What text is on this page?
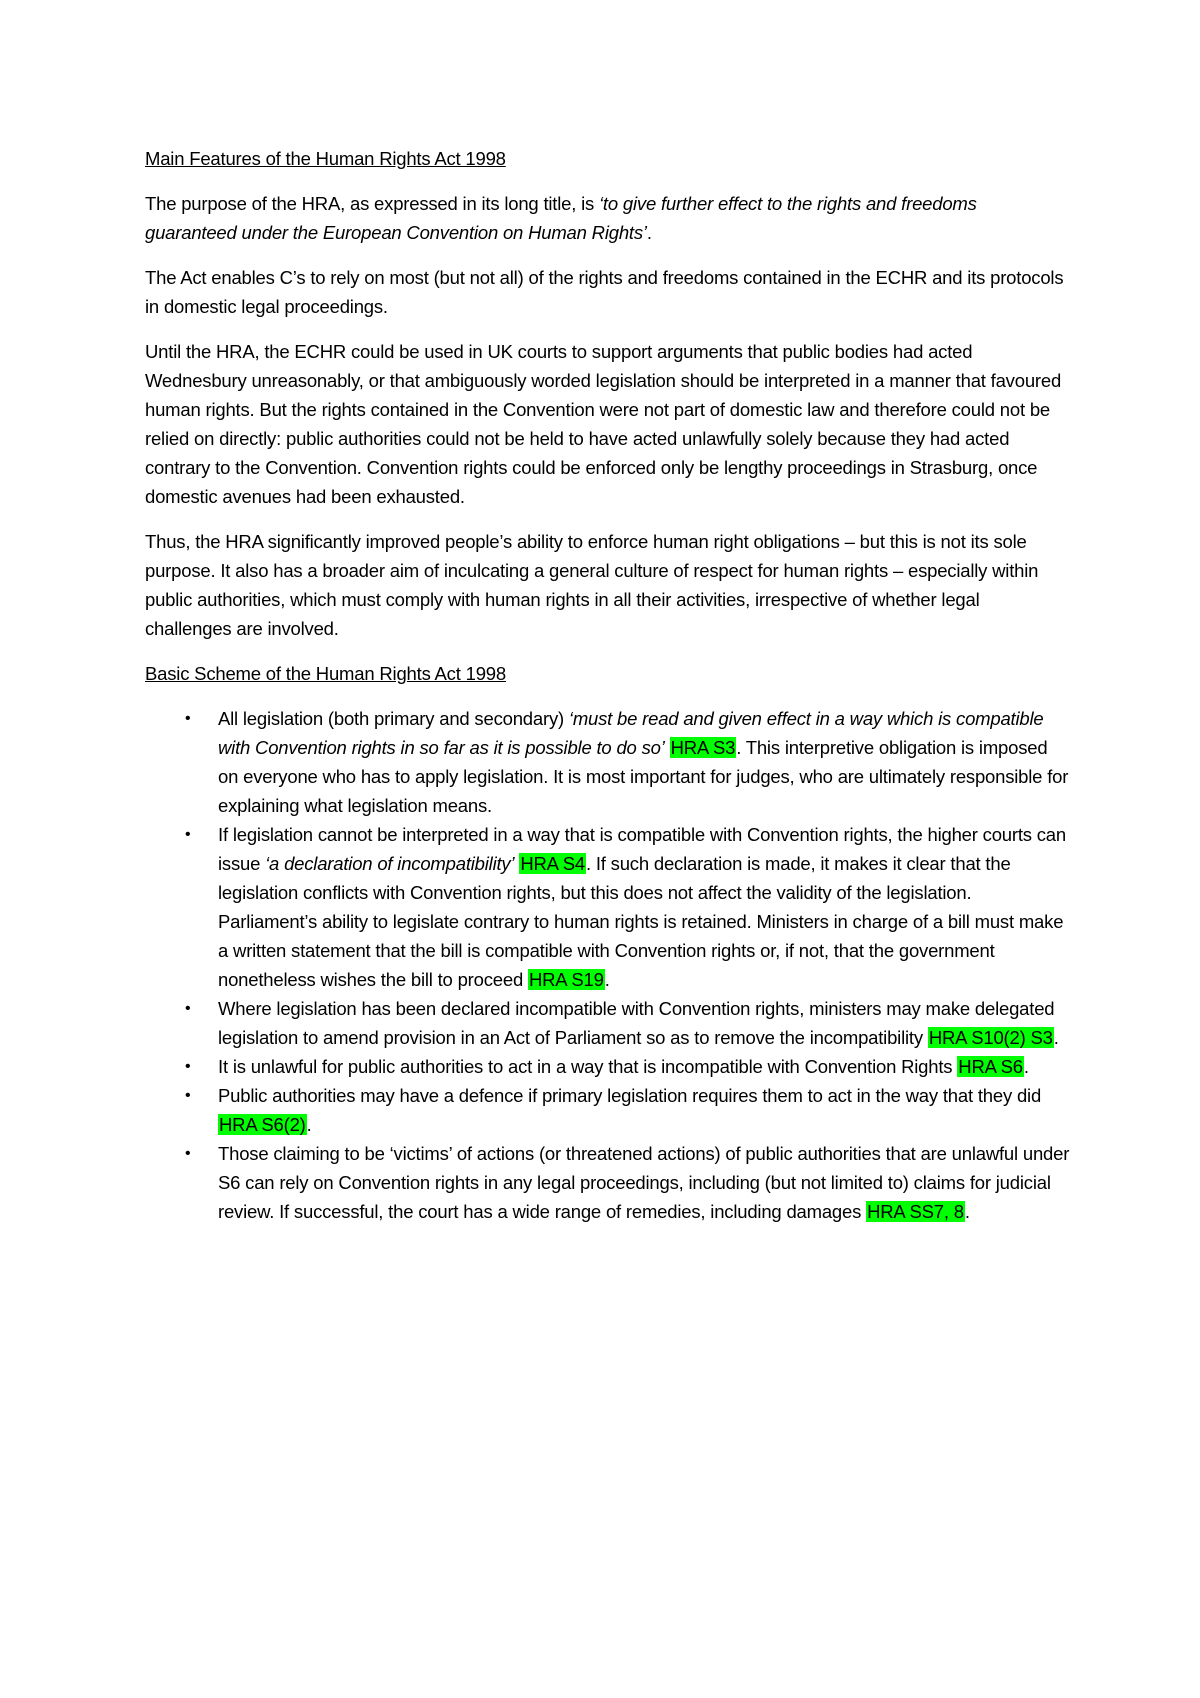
Main Features of the Human Rights Act 1998

The purpose of the HRA, as expressed in its long title, is ‘to give further effect to the rights and freedoms guaranteed under the European Convention on Human Rights’.

The Act enables C’s to rely on most (but not all) of the rights and freedoms contained in the ECHR and its protocols in domestic legal proceedings.

Until the HRA, the ECHR could be used in UK courts to support arguments that public bodies had acted Wednesbury unreasonably, or that ambiguously worded legislation should be interpreted in a manner that favoured human rights. But the rights contained in the Convention were not part of domestic law and therefore could not be relied on directly: public authorities could not be held to have acted unlawfully solely because they had acted contrary to the Convention. Convention rights could be enforced only be lengthy proceedings in Strasburg, once domestic avenues had been exhausted.

Thus, the HRA significantly improved people’s ability to enforce human right obligations – but this is not its sole purpose. It also has a broader aim of inculcating a general culture of respect for human rights – especially within public authorities, which must comply with human rights in all their activities, irrespective of whether legal challenges are involved.

Basic Scheme of the Human Rights Act 1998
• All legislation (both primary and secondary) ‘must be read and given effect in a way which is compatible with Convention rights in so far as it is possible to do so’ HRA S3. This interpretive obligation is imposed on everyone who has to apply legislation. It is most important for judges, who are ultimately responsible for explaining what legislation means.
• If legislation cannot be interpreted in a way that is compatible with Convention rights, the higher courts can issue ‘a declaration of incompatibility’ HRA S4. If such declaration is made, it makes it clear that the legislation conflicts with Convention rights, but this does not affect the validity of the legislation. Parliament’s ability to legislate contrary to human rights is retained. Ministers in charge of a bill must make a written statement that the bill is compatible with Convention rights or, if not, that the government nonetheless wishes the bill to proceed HRA S19.
• Where legislation has been declared incompatible with Convention rights, ministers may make delegated legislation to amend provision in an Act of Parliament so as to remove the incompatibility HRA S10(2) S3.
• It is unlawful for public authorities to act in a way that is incompatible with Convention Rights HRA S6.
• Public authorities may have a defence if primary legislation requires them to act in the way that they did HRA S6(2).
• Those claiming to be ‘victims’ of actions (or threatened actions) of public authorities that are unlawful under S6 can rely on Convention rights in any legal proceedings, including (but not limited to) claims for judicial review. If successful, the court has a wide range of remedies, including damages HRA SS7, 8.
